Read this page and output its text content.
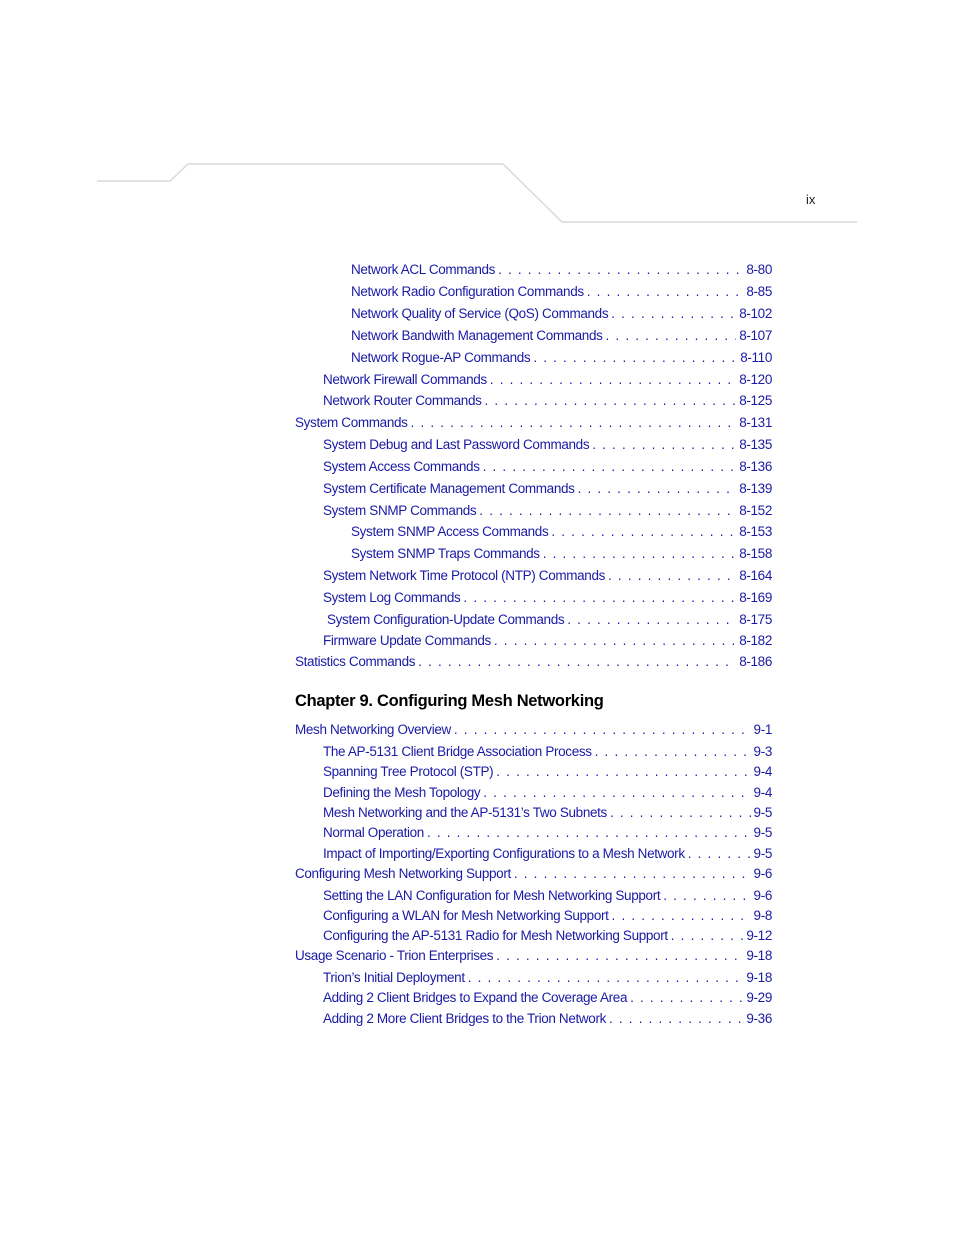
ix
Network ACL Commands . . .	8-80
Network Radio Configuration Commands . . .	8-85
Network Quality of Service (QoS) Commands . . .	8-102
Network Bandwith Management Commands . . .	8-107
Network Rogue-AP Commands . . .	8-110
Network Firewall Commands . . .	8-120
Network Router Commands . . .	8-125
System Commands . . .	8-131
System Debug and Last Password Commands . . .	8-135
System Access Commands . . .	8-136
System Certificate Management Commands . . .	8-139
System SNMP Commands . . .	8-152
System SNMP Access Commands . . .	8-153
System SNMP Traps Commands . . .	8-158
System Network Time Protocol (NTP) Commands . . .	8-164
System Log Commands . . .	8-169
System Configuration-Update Commands . . .	8-175
Firmware Update Commands . . .	8-182
Statistics Commands . . .	8-186
Chapter 9. Configuring Mesh Networking
Mesh Networking Overview . . .	9-1
The AP-5131 Client Bridge Association Process . . .	9-3
Spanning Tree Protocol (STP) . . .	9-4
Defining the Mesh Topology . . .	9-4
Mesh Networking and the AP-5131’s Two Subnets . . .	9-5
Normal Operation . . .	9-5
Impact of Importing/Exporting Configurations to a Mesh Network . . .	9-5
Configuring Mesh Networking Support . . .	9-6
Setting the LAN Configuration for Mesh Networking Support . . .	9-6
Configuring a WLAN for Mesh Networking Support . . .	9-8
Configuring the AP-5131 Radio for Mesh Networking Support . . .	9-12
Usage Scenario - Trion Enterprises . . .	9-18
Trion’s Initial Deployment . . .	9-18
Adding 2 Client Bridges to Expand the Coverage Area . . .	9-29
Adding 2 More Client Bridges to the Trion Network . . .	9-36
